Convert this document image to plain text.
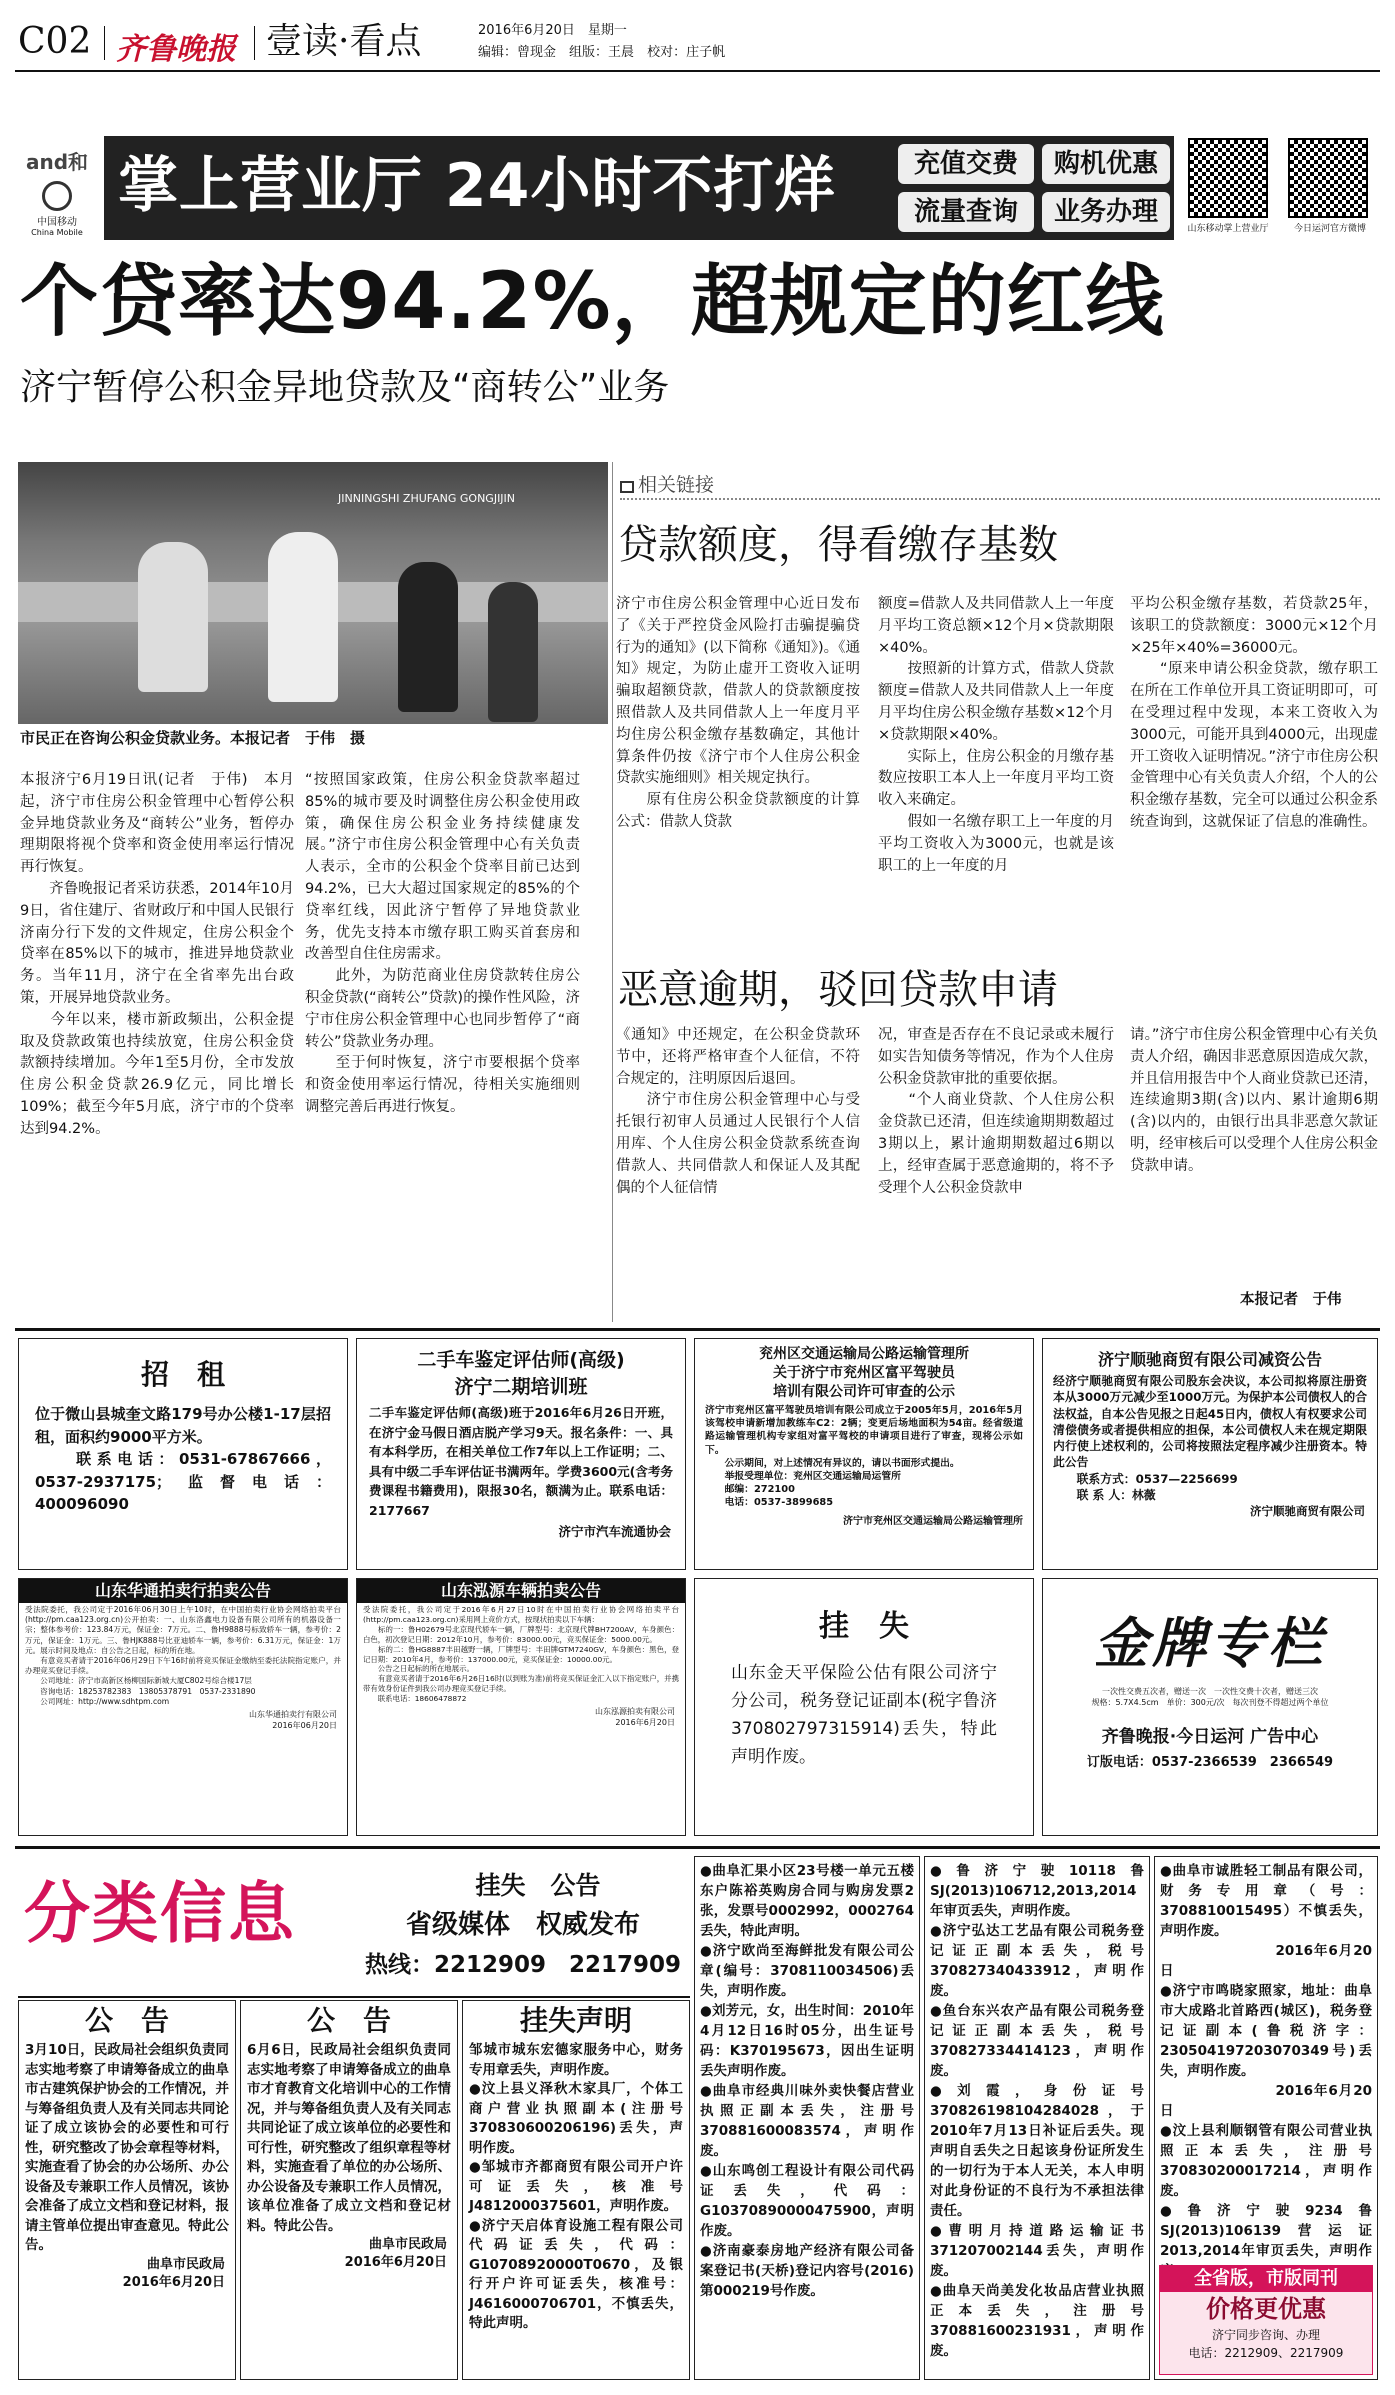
C02 齐鲁晚报 壹读·看点	2016年6月20日　 星期一
编辑：曾现金　 组版：王晨　 校对：庄子帆
and和
中国移动
China Mobile
掌上营业厅 24小时不打烊	充值交费	购机优惠
流量查询	业务办理
山东移动掌上营业厅	今日运河官方微博
个贷率达94.2%，超规定的红线
济宁暂停公积金异地贷款及“商转公”业务
JINNINGSHI ZHUFANG GONGJIJIN
市民正在咨询公积金贷款业务。本报记者　于伟　摄
本报济宁6月19日讯(记者　于伟)　本月起，济宁市住房公积金管理中心暂停公积金异地贷款业务及“商转公”业务，暂停办理期限将视个贷率和资金使用率运行情况再行恢复。
　　齐鲁晚报记者采访获悉，2014年10月9日，省住建厅、省财政厅和中国人民银行济南分行下发的文件规定，住房公积金个贷率在85%以下的城市，推进异地贷款业务。当年11月，济宁在全省率先出台政策，开展异地贷款业务。
　　今年以来，楼市新政频出，公积金提取及贷款政策也持续放宽，住房公积金贷款额持续增加。今年1至5月份，全市发放住房公积金贷款26.9亿元，同比增长109%；截至今年5月底，济宁市的个贷率达到94.2%。
“按照国家政策，住房公积金贷款率超过85%的城市要及时调整住房公积金使用政策，确保住房公积金业务持续健康发展。”济宁市住房公积金管理中心有关负责人表示，全市的公积金个贷率目前已达到94.2%，已大大超过国家规定的85%的个贷率红线，因此济宁暂停了异地贷款业务，优先支持本市缴存职工购买首套房和改善型自住住房需求。
　　此外，为防范商业住房贷款转住房公积金贷款(“商转公”贷款)的操作性风险，济宁市住房公积金管理中心也同步暂停了“商转公”贷款业务办理。
　　至于何时恢复，济宁市要根据个贷率和资金使用率运行情况，待相关实施细则调整完善后再进行恢复。
相关链接
贷款额度，得看缴存基数
济宁市住房公积金管理中心近日发布了《关于严控贷金风险打击骗提骗贷行为的通知》(以下简称《通知》)。《通知》规定，为防止虚开工资收入证明骗取超额贷款，借款人的贷款额度按照借款人及共同借款人上一年度月平均住房公积金缴存基数确定，其他计算条件仍按《济宁市个人住房公积金贷款实施细则》相关规定执行。
　　原有住房公积金贷款额度的计算公式：借款人贷款
额度=借款人及共同借款人上一年度月平均工资总额×12个月×贷款期限×40%。
　　按照新的计算方式，借款人贷款额度=借款人及共同借款人上一年度月平均住房公积金缴存基数×12个月×贷款期限×40%。
　　实际上，住房公积金的月缴存基数应按职工本人上一年度月平均工资收入来确定。
　　假如一名缴存职工上一年度的月平均工资收入为3000元，也就是该职工的上一年度的月
平均公积金缴存基数，若贷款25年，该职工的贷款额度：3000元×12个月×25年×40%=36000元。
　　“原来申请公积金贷款，缴存职工在所在工作单位开具工资证明即可，可在受理过程中发现，本来工资收入为3000元，可能开具到4000元，出现虚开工资收入证明情况。”济宁市住房公积金管理中心有关负责人介绍，个人的公积金缴存基数，完全可以通过公积金系统查询到，这就保证了信息的准确性。
恶意逾期，驳回贷款申请
《通知》中还规定，在公积金贷款环节中，还将严格审查个人征信，不符合规定的，注明原因后退回。
　　济宁市住房公积金管理中心与受托银行初审人员通过人民银行个人信用库、个人住房公积金贷款系统查询借款人、共同借款人和保证人及其配偶的个人征信情
况，审查是否存在不良记录或未履行如实告知债务等情况，作为个人住房公积金贷款审批的重要依据。
　　“个人商业贷款、个人住房公积金贷款已还清，但连续逾期期数超过3期以上，累计逾期期数超过6期以上，经审查属于恶意逾期的，将不予受理个人公积金贷款申
请。”济宁市住房公积金管理中心有关负责人介绍，确因非恶意原因造成欠款，并且信用报告中个人商业贷款已还清，连续逾期3期(含)以内、累计逾期6期(含)以内的，由银行出具非恶意欠款证明，经审核后可以受理个人住房公积金贷款申请。
本报记者　于伟
招　租
位于微山县城奎文路179号办公楼1-17层招租，面积约9000平方米。
　　联系电话：0531-67867666，0537-2937175；监督电话：400096090
二手车鉴定评估师(高级)
济宁二期培训班
二手车鉴定评估师(高级)班于2016年6月26日开班，在济宁金马假日酒店脱产学习9天。报名条件：一、具有本科学历，在相关单位工作7年以上工作证明；二、具有中级二手车评估证书满两年。学费3600元(含考务费课程书籍费用)，限报30名，额满为止。联系电话：2177667
济宁市汽车流通协会
兖州区交通运输局公路运输管理所
关于济宁市兖州区富平驾驶员
培训有限公司许可审查的公示
济宁市兖州区富平驾驶员培训有限公司成立于2005年5月，2016年5月该驾校申请新增加教练车C2：2辆；变更后场地面积为54亩。经省级道路运输管理机构专家组对富平驾校的申请项目进行了审查，现将公示如下。
　　公示期间，对上述情况有异议的，请以书面形式提出。
　　举报受理单位：兖州区交通运输局运管所
　　邮编：272100
　　电话：0537-3899685
济宁市兖州区交通运输局公路运输管理所
济宁顺驰商贸有限公司减资公告
经济宁顺驰商贸有限公司股东会决议，本公司拟将原注册资本从3000万元减少至1000万元。为保护本公司债权人的合法权益，自本公告见报之日起45日内，债权人有权要求公司清偿债务或者提供相应的担保，本公司债权人未在规定期限内行使上述权利的，公司将按照法定程序减少注册资本。特此公告
　　联系方式：0537—2256699
　　联 系 人：林薇
济宁顺驰商贸有限公司
山东华通拍卖行拍卖公告
受法院委托，我公司定于2016年06月30日上午10时，在中国拍卖行业协会网络拍卖平台(http://pm.caa123.org.cn)公开拍卖：一、山东洛鑫电力设备有限公司所有的机器设备一宗；整体参考价：123.84万元，保证金：7万元。二、鲁H9888号标致轿车一辆，参考价：2万元，保证金：1万元。三、鲁HJK888号比亚迪轿车一辆，参考价：6.31万元，保证金：1万元。展示时间及地点：自公告之日起，标的所在地。
　　有意竞买者请于2016年06月29日下午16时前将竞买保证金缴纳至委托法院指定账户，并办理竞买登记手续。
　　公司地址：济宁市高新区杨柳国际新城大厦C802号综合楼17层
　　咨询电话：18253782383　13805378791　0537-2331890
　　公司网址：http://www.sdhtpm.com
山东华通拍卖行有限公司
2016年06月20日
山东泓源车辆拍卖公告
受法院委托，我公司定于2016年6月27日10时在中国拍卖行业协会网络拍卖平台(http://pm.caa123.org.cn)采用网上竞价方式，按现状拍卖以下车辆：
　　标的一：鲁H02679号北京现代轿车一辆，厂牌型号：北京现代牌BH7200AV，车身颜色：白色，初次登记日期：2012年10月，参考价：83000.00元，竞买保证金：5000.00元。
　　标的二：鲁HG8887丰田越野一辆，厂牌型号：丰田牌GTM7240GV，车身颜色：黑色，登记日期：2010年4月，参考价：137000.00元，竞买保证金：10000.00元。
　　公告之日起标的所在地展示。
　　有意竞买者请于2016年6月26日16时(以到账为准)前将竞买保证金汇入以下指定账户，并携带有效身份证件到我公司办理竞买登记手续。
　　联系电话：18606478872
山东泓源拍卖有限公司
2016年6月20日
挂　失
山东金天平保险公估有限公司济宁分公司，税务登记证副本(税字鲁济370802797315914)丢失，特此声明作废。
金牌专栏
一次性交费五次者，赠送一次　一次性交费十次者，赠送三次
规格：5.7X4.5cm　单价：300元/次　每次刊登不得超过两个单位
齐鲁晚报·今日运河 广告中心
订版电话：0537-2366539　2366549
分类信息	挂失　公告
省级媒体　权威发布
热线：2212909　2217909
公　告
3月10日，民政局社会组织负责同志实地考察了申请筹备成立的曲阜市古建筑保护协会的工作情况，并与筹备组负责人及有关同志共同论证了成立该协会的必要性和可行性，研究整改了协会章程等材料，实施查看了协会的办公场所、办公设备及专兼职工作人员情况，该协会准备了成立文档和登记材料，报请主管单位提出审查意见。特此公告。
曲阜市民政局
2016年6月20日
公　告
6月6日，民政局社会组织负责同志实地考察了申请筹备成立的曲阜市才育教育文化培训中心的工作情况，并与筹备组负责人及有关同志共同论证了成立该单位的必要性和可行性，研究整改了组织章程等材料，实施查看了单位的办公场所、办公设备及专兼职工作人员情况，该单位准备了成立文档和登记材料。特此公告。
曲阜市民政局
2016年6月20日
挂失声明
邹城市城东宏德家服务中心，财务专用章丢失，声明作废。
●汶上县义泽秋木家具厂，个体工商户营业执照副本(注册号370830600206196)丢失，声明作废。
●邹城市齐都商贸有限公司开户许可证丢失，核准号J4812000375601，声明作废。
●济宁天启体育设施工程有限公司代码证丢失，代码：G10708920000T0670，及银行开户许可证丢失，核准号：J4616000706701，不慎丢失，特此声明。
●曲阜汇果小区23号楼一单元五楼东户陈裕英购房合同与购房发票2张，发票号0002992，0002764丢失，特此声明。
●济宁欧尚至海鲜批发有限公司公章(编号：3708110034506)丢失，声明作废。
●刘芳元，女，出生时间：2010年4月12日16时05分，出生证号码：K370195673，因出生证明丢失声明作废。
●曲阜市经典川味外卖快餐店营业执照正副本丢失，注册号370881600083574，声明作废。
●山东鸣创工程设计有限公司代码证丢失，代码：G10370890000475900，声明作废。
●济南豪泰房地产经济有限公司备案登记书(天桥)登记内容号(2016)第000219号作废。
●鲁济宁驶10118鲁SJ(2013)106712,2013,2014年审页丢失，声明作废。
●济宁弘达工艺品有限公司税务登记证正副本丢失，税号370827340433912，声明作废。
●鱼台东兴农产品有限公司税务登记证正副本丢失，税号370827334414123，声明作废。
●刘霞，身份证号370826198104284028，于2010年7月13日补证后丢失。现声明自丢失之日起该身份证所发生的一切行为于本人无关，本人申明对此身份证的不良行为不承担法律责任。
●曹明月持道路运输证书371207002144丢失，声明作废。
●曲阜天尚美发化妆品店营业执照正本丢失，注册号370881600231931，声明作废。
●曲阜市诚胜轻工制品有限公司，财务专用章（号：3708810015495）不慎丢失，声明作废。
　　　　　　　　2016年6月20日
●济宁市鸣晓家照家，地址：曲阜市大成路北首路西(城区)，税务登记证副本(鲁税济字：230504197203070349号)丢失，声明作废。
　　　　　　　　2016年6月20日
●汶上县利顺钢管有限公司营业执照正本丢失，注册号370830200017214，声明作废。
●鲁济宁驶9234鲁SJ(2013)106139营运证2013,2014年审页丢失，声明作
全省版，市版同刊
价格更优惠
济宁同步咨询、办理
电话：2212909、2217909
